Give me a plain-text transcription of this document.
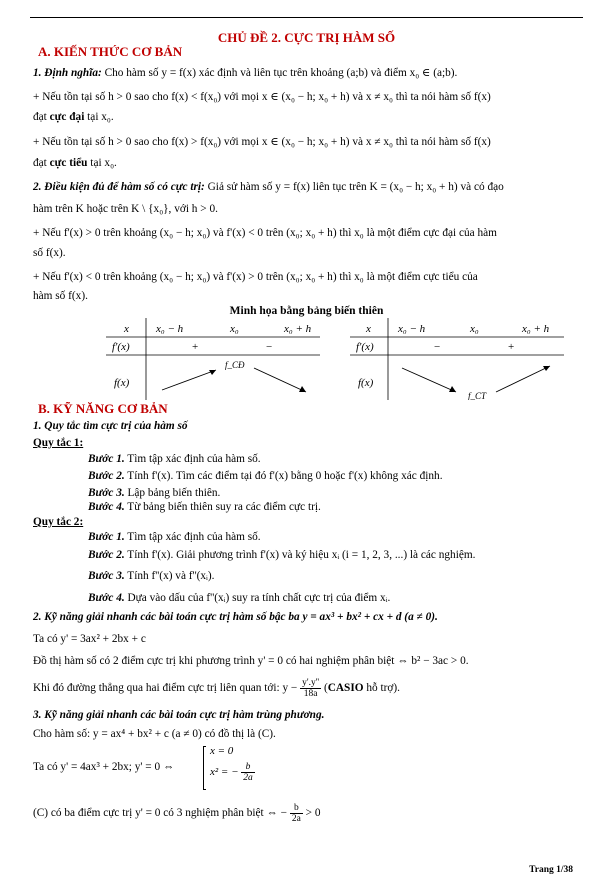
CHỦ ĐỀ 2. CỰC TRỊ HÀM SỐ
A. KIẾN THỨC CƠ BẢN
1. Định nghĩa: Cho hàm số y = f(x) xác định và liên tục trên khoảng (a;b) và điểm x₀ ∈ (a;b).
+ Nếu tồn tại số h > 0 sao cho f(x) < f(x₀) với mọi x ∈ (x₀ − h; x₀ + h) và x ≠ x₀ thì ta nói hàm số f(x)
đạt cực đại tại x₀.
+ Nếu tồn tại số h > 0 sao cho f(x) > f(x₀) với mọi x ∈ (x₀ − h; x₀ + h) và x ≠ x₀ thì ta nói hàm số f(x)
đạt cực tiểu tại x₀.
2. Điều kiện đủ để hàm số có cực trị: Giả sử hàm số y = f(x) liên tục trên K = (x₀ − h; x₀ + h) và có đạo
hàm trên K hoặc trên K \ {x₀}, với h > 0.
+ Nếu f'(x) > 0 trên khoảng (x₀ − h; x₀) và f'(x) < 0 trên (x₀; x₀ + h) thì x₀ là một điểm cực đại của hàm
số f(x).
+ Nếu f'(x) < 0 trên khoảng (x₀ − h; x₀) và f'(x) > 0 trên (x₀; x₀ + h) thì x₀ là một điểm cực tiểu của
hàm số f(x).
Minh họa bằng bảng biến thiên
x x₀ − h	x₀	x₀ + h
f'(x)	+	−
f(x)
f_CĐ
x x₀ − h	x₀	x₀ + h
f'(x)	−	+
f(x)
f_CT
B. KỸ NĂNG CƠ BẢN
1. Quy tắc tìm cực trị của hàm số
Quy tắc 1:
Bước 1. Tìm tập xác định của hàm số.
Bước 2. Tính f'(x). Tìm các điểm tại đó f'(x) bằng 0 hoặc f'(x) không xác định.
Bước 3. Lập bảng biến thiên.
Bước 4. Từ bảng biến thiên suy ra các điểm cực trị.
Quy tắc 2:
Bước 1. Tìm tập xác định của hàm số.
Bước 2. Tính f'(x). Giải phương trình f'(x) và ký hiệu xᵢ (i = 1, 2, 3, ...) là các nghiệm.
Bước 3. Tính f''(x) và f''(xᵢ).
Bước 4. Dựa vào dấu của f''(xᵢ) suy ra tính chất cực trị của điểm xᵢ.
2. Kỹ năng giải nhanh các bài toán cực trị hàm số bậc ba y = ax³ + bx² + cx + d (a ≠ 0).
Ta có y' = 3ax² + 2bx + c
Đồ thị hàm số có 2 điểm cực trị khi phương trình y' = 0 có hai nghiệm phân biệt ⇔ b² − 3ac > 0.
Khi đó đường thẳng qua hai điểm cực trị liên quan tới: $y - \frac{y'.y''}{18a}$ (CASIO hỗ trợ).
3. Kỹ năng giải nhanh các bài toán cực trị hàm trùng phương.
Cho hàm số: y = ax⁴ + bx² + c (a ≠ 0) có đồ thị là (C).
Ta có y' = 4ax³ + 2bx; y' = 0 ⇔
x = 0
x² = − $\frac{b}{2a}$
(C) có ba điểm cực trị y' = 0 có 3 nghiệm phân biệt ⇔ − $\frac{b}{2a} > 0$
Trang 1/38
